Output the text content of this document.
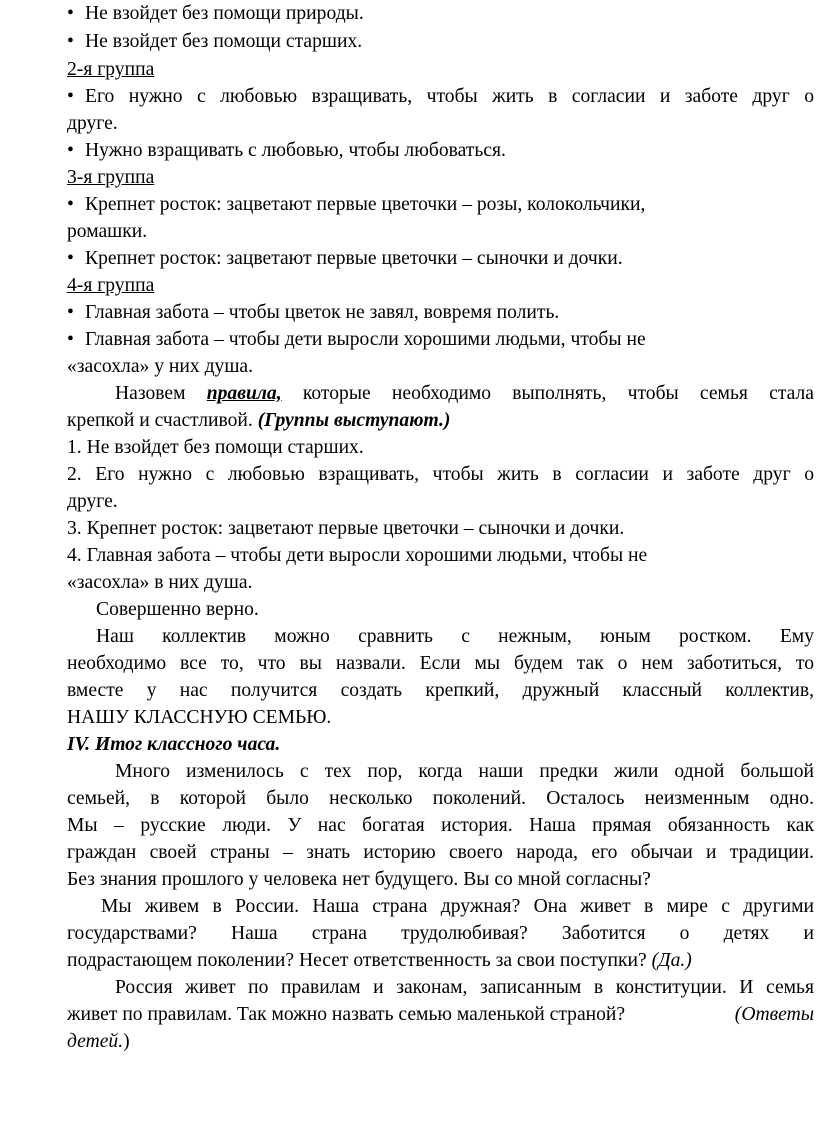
• Не взойдет без помощи природы.
• Не взойдет без помощи старших.
2-я группа
• Его нужно с любовью взращивать, чтобы жить в согласии и заботе друг о
друге.
• Нужно взращивать с любовью, чтобы любоваться.
3-я группа
• Крепнет росток: зацветают первые цветочки – розы, колокольчики,
ромашки.
• Крепнет росток: зацветают первые цветочки – сыночки и дочки.
4-я группа
• Главная забота – чтобы цветок не завял, вовремя полить.
• Главная забота – чтобы дети выросли хорошими людьми, чтобы не
«засохла» у них душа.
Назовем правила, которые необходимо выполнять, чтобы семья стала
крепкой и счастливой. (Группы выступают.)
1. Не взойдет без помощи старших.
2. Его нужно с любовью взращивать, чтобы жить в согласии и заботе друг о
друге.
3. Крепнет росток: зацветают первые цветочки – сыночки и дочки.
4. Главная забота – чтобы дети выросли хорошими людьми, чтобы не
«засохла» в них душа.
Совершенно верно.
Наш коллектив можно сравнить с нежным, юным ростком. Ему
необходимо все то, что вы назвали. Если мы будем так о нем заботиться, то
вместе у нас получится создать крепкий, дружный классный коллектив,
НАШУ КЛАССНУЮ СЕМЬЮ.
IV. Итог классного часа.
Много изменилось с тех пор, когда наши предки жили одной большой
семьей, в которой было несколько поколений. Осталось неизменным одно.
Мы – русские люди. У нас богатая история. Наша прямая обязанность как
граждан своей страны – знать историю своего народа, его обычаи и традиции.
Без знания прошлого у человека нет будущего. Вы со мной согласны?
Мы живем в России. Наша страна дружная? Она живет в мире с другими
государствами? Наша страна трудолюбивая? Заботится о детях и
подрастающем поколении? Несет ответственность за свои поступки? (Да.)
Россия живет по правилам и законам, записанным в конституции. И семья
живет по правилам. Так можно назвать семью маленькой страной?	(Ответы
детей.)
